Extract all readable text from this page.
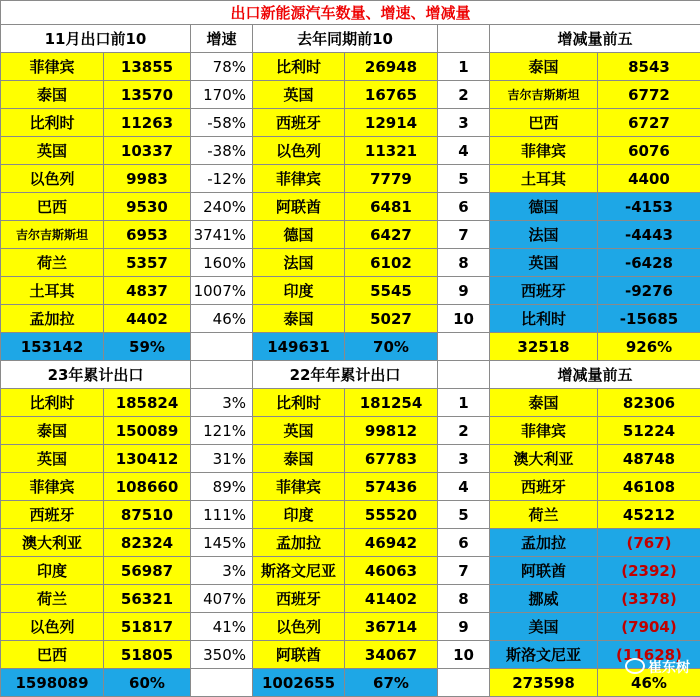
出口新能源汽车数量、增速、增减量							
11月出口前10		增速	去年同期前10			增减量前五	
菲律宾	13855	78%	比利时	26948	1	泰国	8543
泰国	13570	170%	英国	16765	2	吉尔吉斯斯坦	6772
比利时	11263	-58%	西班牙	12914	3	巴西	6727
英国	10337	-38%	以色列	11321	4	菲律宾	6076
以色列	9983	-12%	菲律宾	7779	5	土耳其	4400
巴西	9530	240%	阿联酋	6481	6	德国	-4153
吉尔吉斯斯坦	6953	3741%	德国	6427	7	法国	-4443
荷兰	5357	160%	法国	6102	8	英国	-6428
土耳其	4837	1007%	印度	5545	9	西班牙	-9276
孟加拉	4402	46%	泰国	5027	10	比利时	-15685
153142	59%		149631	70%		32518	926%
23年累计出口			22年年累计出口			增减量前五	
比利时	185824	3%	比利时	181254	1	泰国	82306
泰国	150089	121%	英国	99812	2	菲律宾	51224
英国	130412	31%	泰国	67783	3	澳大利亚	48748
菲律宾	108660	89%	菲律宾	57436	4	西班牙	46108
西班牙	87510	111%	印度	55520	5	荷兰	45212
澳大利亚	82324	145%	孟加拉	46942	6	孟加拉	(767)
印度	56987	3%	斯洛文尼亚	46063	7	阿联酋	(2392)
荷兰	56321	407%	西班牙	41402	8	挪威	(3378)
以色列	51817	41%	以色列	36714	9	美国	(7904)
巴西	51805	350%	阿联酋	34067	10	斯洛文尼亚	(11628)
1598089	60%		1002655	67%		273598	46%
崔东树
